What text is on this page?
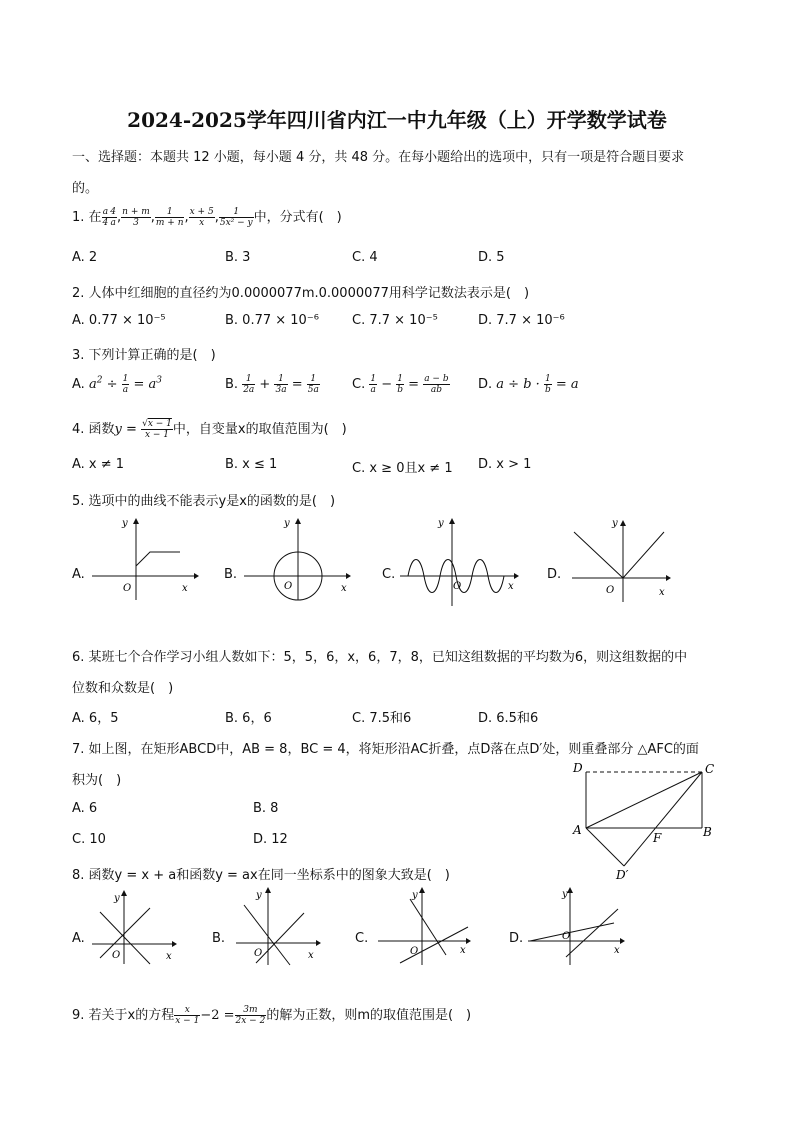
2024-2025学年四川省内江一中九年级（上）开学数学试卷
一、选择题：本题共 12 小题，每小题 4 分，共 48 分。在每小题给出的选项中，只有一项是符合题目要求
的。
1. 在 $\frac{a}{4} \frac{4}{a}$ , $\frac{n + m}{3}$ , $\frac{1}{m + n}$ , $\frac{x + 5}{x}$ , $\frac{1}{\text{5x² − y}}$ 中，分式有(　)
A. 2	B. 3	C. 4	D. 5
2. 人体中红细胞的直径约为0.0000077m.0.0000077用科学记数法表示是(　)
A. 0.77 × 10⁻⁵	B. 0.77 × 10⁻⁶	C. 7.7 × 10⁻⁵	D. 7.7 × 10⁻⁶
3. 下列计算正确的是(　)
A. $a^2 \div \frac{1}{a} = a^3$	B. $\frac{1}{2a} + \frac{1}{3a} = \frac{1}{5a} C$. $\frac{1}{a} - \frac{1}{b} = \frac{a - b}{ab} D$. $a \div b \cdot \frac{1}{b} = a$
4. 函数$y = \frac{√x - 1}{x - 1}$ 中，自变量x的取值范围为(　)
A. x ≠ 1	B. x ≤ 1	C. x ≥ 0且x ≠ 1 D. x > 1
5. 选项中的曲线不能表示y是x的函数的是(　)
A.
y
O	x
B.
y
O	x
C.
y
O	x
D.
y
O	x
6. 某班七个合作学习小组人数如下：5，5，6，x，6，7，8，已知这组数据的平均数为6，则这组数据的中
位数和众数是(　)
A. 6，5	B. 6，6	C. 7.5和6	D. 6.5和6
7. 如上图，在矩形ABCD中，AB = 8，BC = 4，将矩形沿AC折叠，点D落在点D′处，则重叠部分 △AFC的面
积为(　)
A. 6	B. 8
C. 10	D. 12
D	C
A	B
F
D′
8. 函数y = x + a和函数y = ax在同一坐标系中的图象大致是(　)
A.
y
O	x
B.
y
O	x
C.
y
O	x
D.
y
O
x
9. 若关于x的方程 $\frac{x}{x - 1} -2 = \frac{3m}{2x - 2}$ 的解为正数，则m的取值范围是(　)
